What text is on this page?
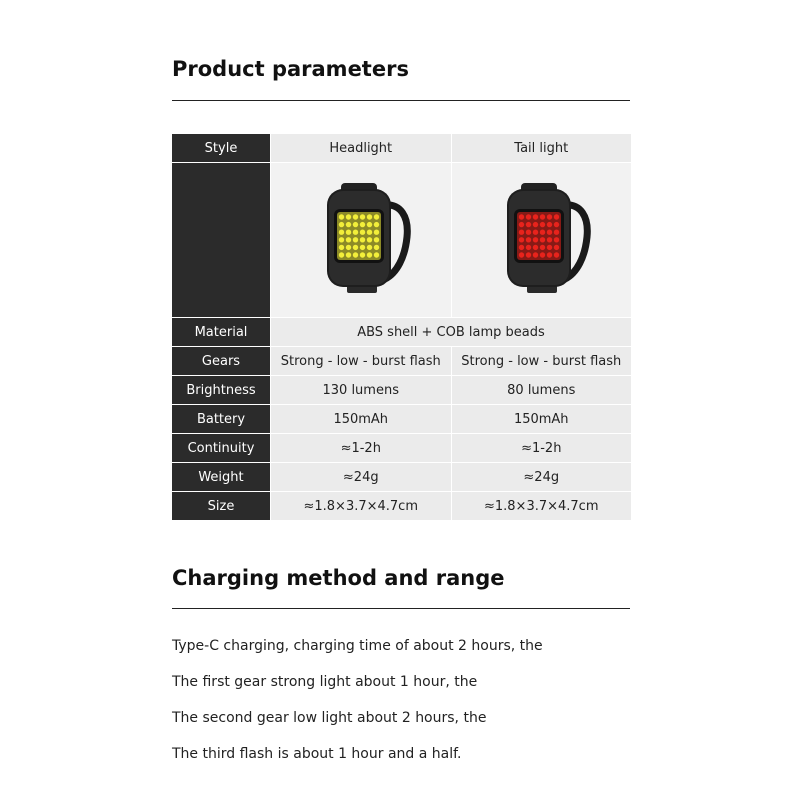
Product parameters
Style	Headlight	Tail light

Material	ABS shell + COB lamp beads	
Gears	Strong - low - burst flash	Strong - low - burst flash
Brightness	130 lumens	80 lumens
Battery	150mAh	150mAh
Continuity	≈1-2h	≈1-2h
Weight	≈24g	≈24g
Size	≈1.8×3.7×4.7cm	≈1.8×3.7×4.7cm
Charging method and range
Type-C charging, charging time of about 2 hours, the
The first gear strong light about 1 hour, the
The second gear low light about 2 hours, the
The third flash is about 1 hour and a half.
